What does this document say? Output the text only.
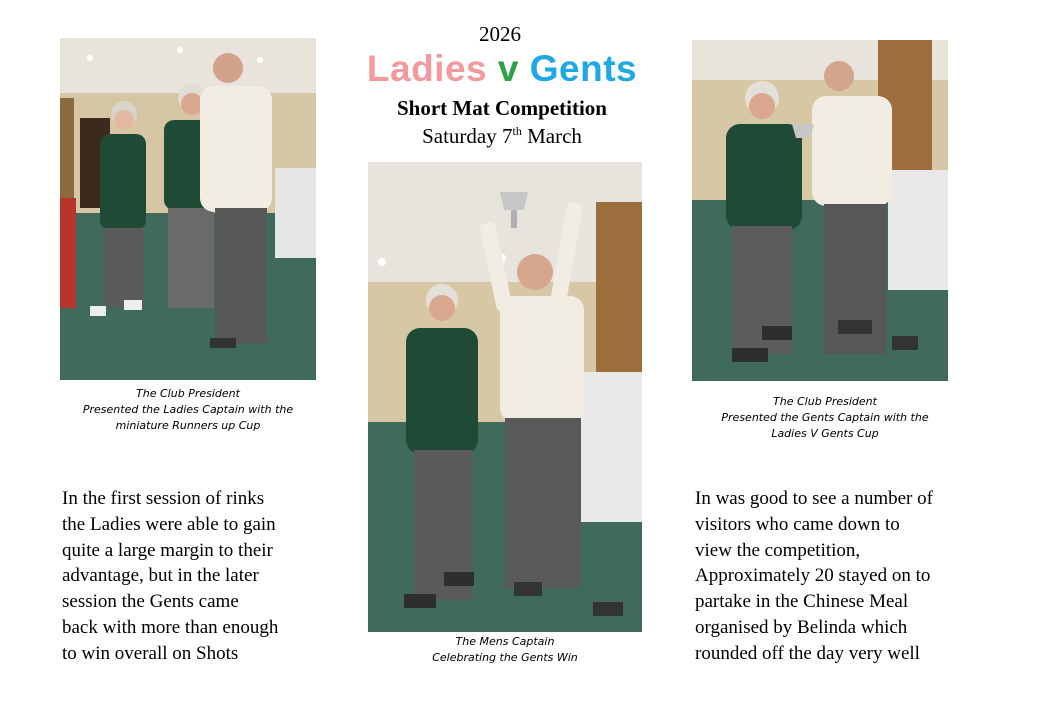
2026
Ladies v Gents
Short Mat Competition
Saturday 7th March
The Club President
Presented the Ladies Captain with the
miniature Runners up Cup
The Mens Captain
Celebrating the Gents Win
The Club President
Presented the Gents Captain with the
Ladies V Gents Cup
In the first session of rinks
the Ladies were able to gain
quite a large margin to their
advantage, but in the later
session the Gents came
back with more than enough
to win overall on Shots
In was good to see a number of
visitors who came down to
view the competition,
Approximately 20 stayed on to
partake in the Chinese Meal
organised by Belinda which
rounded off the day very well
